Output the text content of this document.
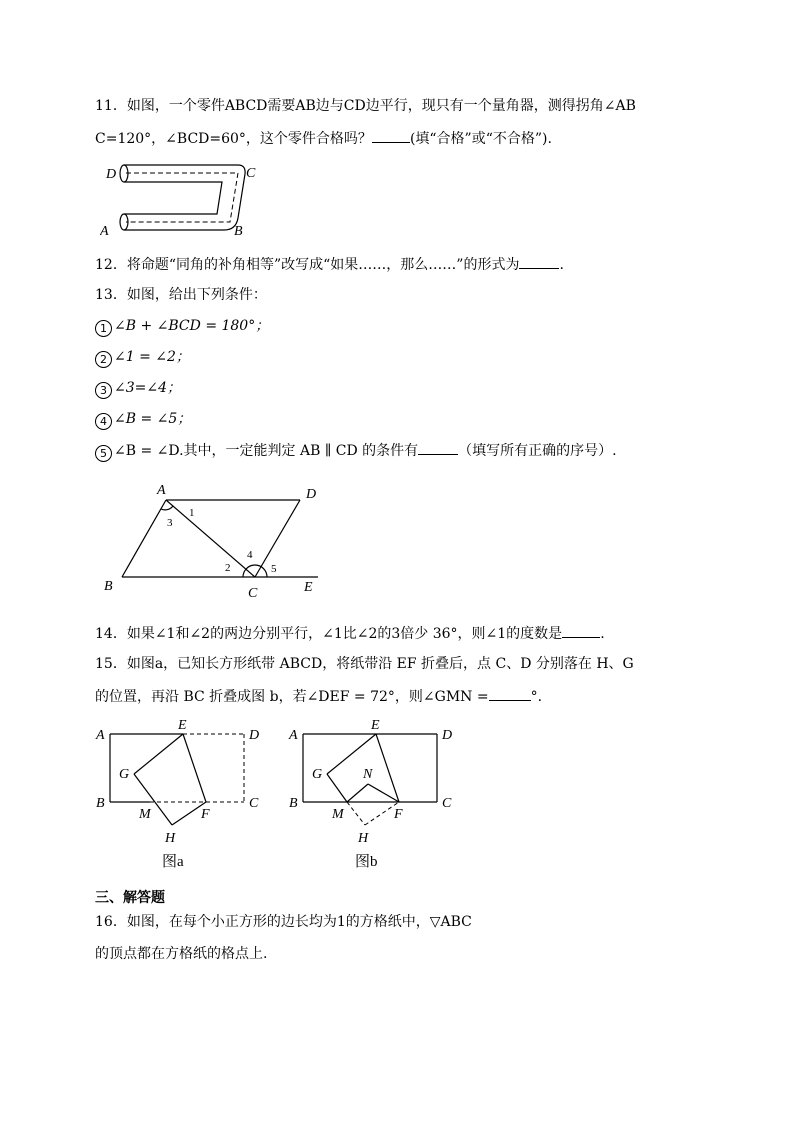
11．如图，一个零件ABCD需要AB边与CD边平行，现只有一个量角器，测得拐角∠AB
C=120°，∠BCD=60°，这个零件合格吗？	(填“合格”或“不合格”).
D	C
A	B
12．将命题“同角的补角相等”改写成“如果……，那么……”的形式为	.
13．如图，给出下列条件：
1 ∠B + ∠BCD = 180°；
2 ∠1 = ∠2；
3 ∠3=∠4；
4 ∠B = ∠5；
5 ∠B = ∠D.其中，一定能判定 AB ∥ CD 的条件有	（填写所有正确的序号）.
A	D
B	C	E
1
2
3
4
5
14．如果∠1和∠2的两边分别平行，∠1比∠2的3倍少 36°，则∠1的度数是	.
15．如图a，已知长方形纸带 ABCD，将纸带沿 EF 折叠后，点 C、D 分别落在 H、G
的位置，再沿 BC 折叠成图 b，若∠DEF = 72°，则∠GMN =	°.
A
E
D
G
B	C
M	F
H
图a
A
E
D
G	N
B	C
M	F
H
图b
三、解答题
16．如图，在每个小正方形的边长均为1的方格纸中，▽ABC
的顶点都在方格纸的格点上.
